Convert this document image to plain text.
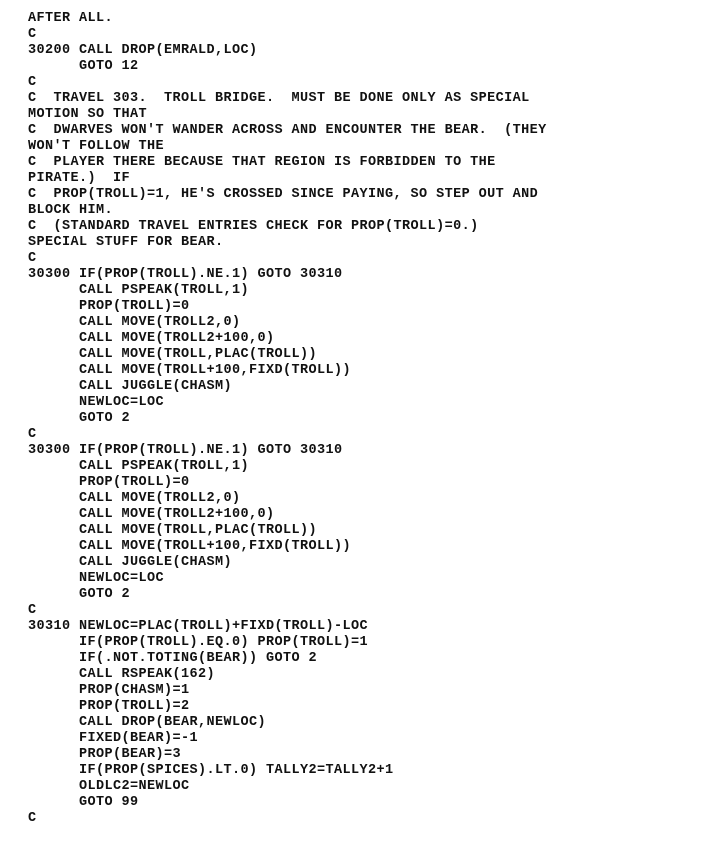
AFTER ALL.
C
30200 CALL DROP(EMRALD,LOC)
GOTO 12
C
C  TRAVEL 303.  TROLL BRIDGE.  MUST BE DONE ONLY AS SPECIAL
MOTION SO THAT
C  DWARVES WON'T WANDER ACROSS AND ENCOUNTER THE BEAR.  (THEY
WON'T FOLLOW THE
C  PLAYER THERE BECAUSE THAT REGION IS FORBIDDEN TO THE
PIRATE.)  IF
C  PROP(TROLL)=1, HE'S CROSSED SINCE PAYING, SO STEP OUT AND
BLOCK HIM.
C  (STANDARD TRAVEL ENTRIES CHECK FOR PROP(TROLL)=0.)
SPECIAL STUFF FOR BEAR.
C
30300 IF(PROP(TROLL).NE.1) GOTO 30310
CALL PSPEAK(TROLL,1)
PROP(TROLL)=0
CALL MOVE(TROLL2,0)
CALL MOVE(TROLL2+100,0)
CALL MOVE(TROLL,PLAC(TROLL))
CALL MOVE(TROLL+100,FIXD(TROLL))
CALL JUGGLE(CHASM)
NEWLOC=LOC
GOTO 2
C
30300 IF(PROP(TROLL).NE.1) GOTO 30310
CALL PSPEAK(TROLL,1)
PROP(TROLL)=0
CALL MOVE(TROLL2,0)
CALL MOVE(TROLL2+100,0)
CALL MOVE(TROLL,PLAC(TROLL))
CALL MOVE(TROLL+100,FIXD(TROLL))
CALL JUGGLE(CHASM)
NEWLOC=LOC
GOTO 2
C
30310 NEWLOC=PLAC(TROLL)+FIXD(TROLL)-LOC
IF(PROP(TROLL).EQ.0) PROP(TROLL)=1
IF(.NOT.TOTING(BEAR)) GOTO 2
CALL RSPEAK(162)
PROP(CHASM)=1
PROP(TROLL)=2
CALL DROP(BEAR,NEWLOC)
FIXED(BEAR)=-1
PROP(BEAR)=3
IF(PROP(SPICES).LT.0) TALLY2=TALLY2+1
OLDLC2=NEWLOC
GOTO 99
C
